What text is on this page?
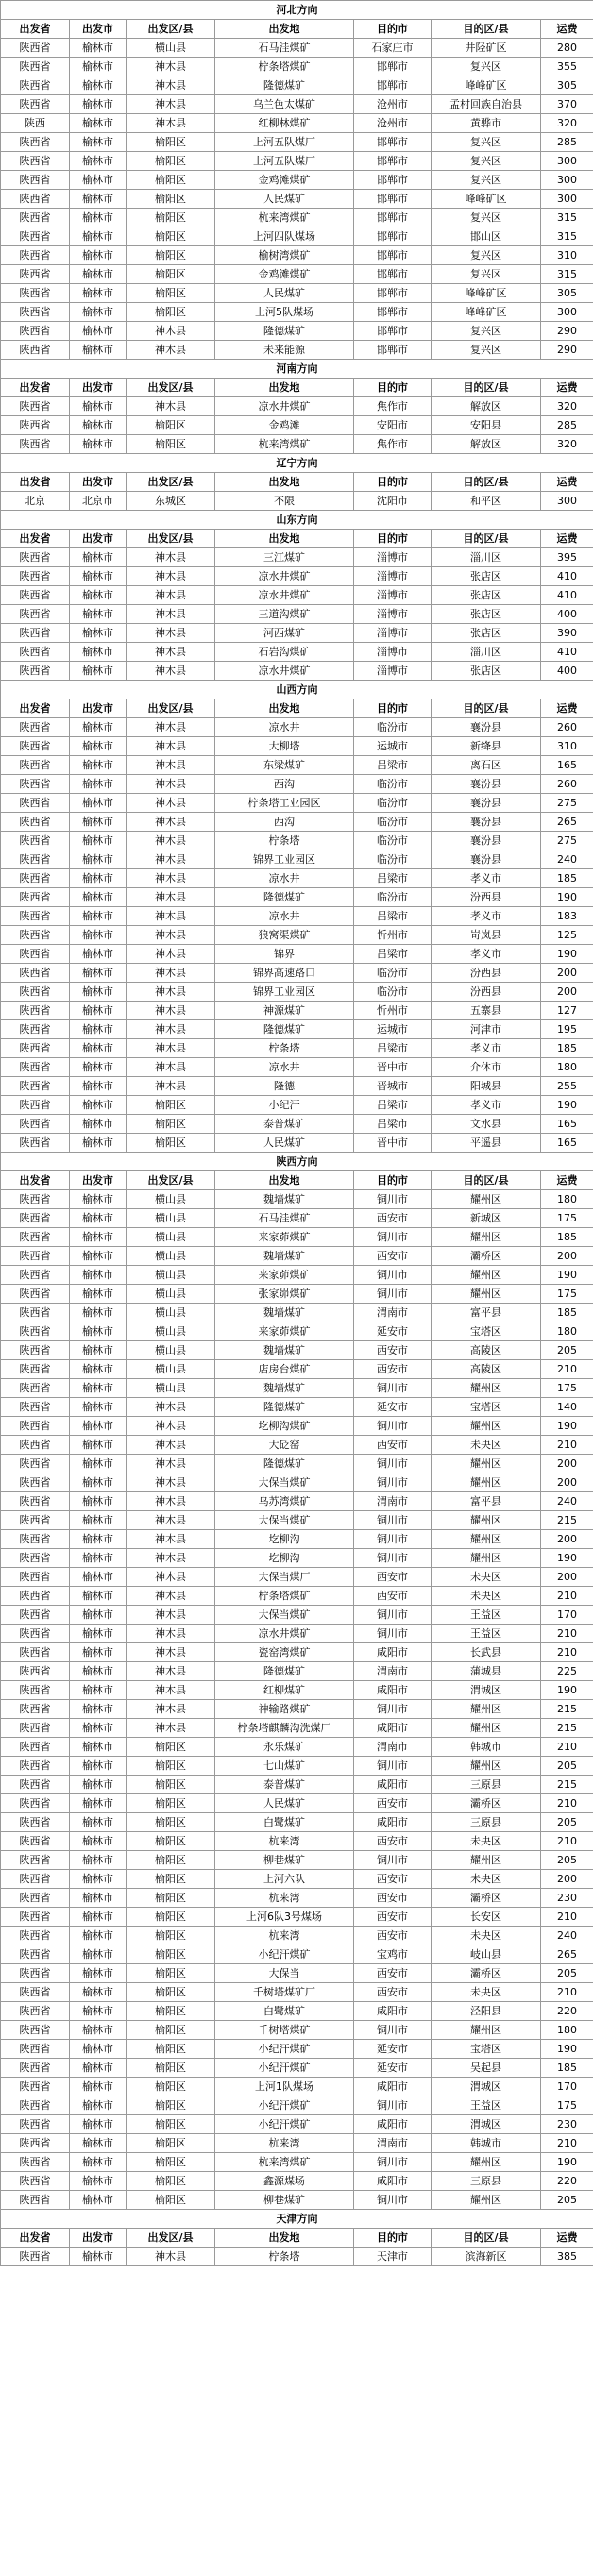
河北方向						
出发省	出发市	出发区/县	出发地	目的市	目的区/县	运费
陕西省	榆林市	横山县	石马洼煤矿	石家庄市	井陉矿区	280
陕西省	榆林市	神木县	柠条塔煤矿	邯郸市	复兴区	355
陕西省	榆林市	神木县	隆德煤矿	邯郸市	峰峰矿区	305
陕西省	榆林市	神木县	乌兰色太煤矿	沧州市	孟村回族自治县	370
陕西	榆林市	神木县	红柳林煤矿	沧州市	黄骅市	320
陕西省	榆林市	榆阳区	上河五队煤厂	邯郸市	复兴区	285
陕西省	榆林市	榆阳区	上河五队煤厂	邯郸市	复兴区	300
陕西省	榆林市	榆阳区	金鸡滩煤矿	邯郸市	复兴区	300
陕西省	榆林市	榆阳区	人民煤矿	邯郸市	峰峰矿区	300
陕西省	榆林市	榆阳区	杭来湾煤矿	邯郸市	复兴区	315
陕西省	榆林市	榆阳区	上河四队煤场	邯郸市	邯山区	315
陕西省	榆林市	榆阳区	榆树湾煤矿	邯郸市	复兴区	310
陕西省	榆林市	榆阳区	金鸡滩煤矿	邯郸市	复兴区	315
陕西省	榆林市	榆阳区	人民煤矿	邯郸市	峰峰矿区	305
陕西省	榆林市	榆阳区	上河5队煤场	邯郸市	峰峰矿区	300
陕西省	榆林市	神木县	隆德煤矿	邯郸市	复兴区	290
陕西省	榆林市	神木县	未来能源	邯郸市	复兴区	290
河南方向						
出发省	出发市	出发区/县	出发地	目的市	目的区/县	运费
陕西省	榆林市	神木县	凉水井煤矿	焦作市	解放区	320
陕西省	榆林市	榆阳区	金鸡滩	安阳市	安阳县	285
陕西省	榆林市	榆阳区	杭来湾煤矿	焦作市	解放区	320
辽宁方向						
出发省	出发市	出发区/县	出发地	目的市	目的区/县	运费
北京	北京市	东城区	不限	沈阳市	和平区	300
山东方向						
出发省	出发市	出发区/县	出发地	目的市	目的区/县	运费
陕西省	榆林市	神木县	三江煤矿	淄博市	淄川区	395
陕西省	榆林市	神木县	凉水井煤矿	淄博市	张店区	410
陕西省	榆林市	神木县	凉水井煤矿	淄博市	张店区	410
陕西省	榆林市	神木县	三道沟煤矿	淄博市	张店区	400
陕西省	榆林市	神木县	河西煤矿	淄博市	张店区	390
陕西省	榆林市	神木县	石岩沟煤矿	淄博市	淄川区	410
陕西省	榆林市	神木县	凉水井煤矿	淄博市	张店区	400
山西方向						
出发省	出发市	出发区/县	出发地	目的市	目的区/县	运费
陕西省	榆林市	神木县	凉水井	临汾市	襄汾县	260
陕西省	榆林市	神木县	大柳塔	运城市	新绛县	310
陕西省	榆林市	神木县	东梁煤矿	吕梁市	离石区	165
陕西省	榆林市	神木县	西沟	临汾市	襄汾县	260
陕西省	榆林市	神木县	柠条塔工业园区	临汾市	襄汾县	275
陕西省	榆林市	神木县	西沟	临汾市	襄汾县	265
陕西省	榆林市	神木县	柠条塔	临汾市	襄汾县	275
陕西省	榆林市	神木县	锦界工业园区	临汾市	襄汾县	240
陕西省	榆林市	神木县	凉水井	吕梁市	孝义市	185
陕西省	榆林市	神木县	隆德煤矿	临汾市	汾西县	190
陕西省	榆林市	神木县	凉水井	吕梁市	孝义市	183
陕西省	榆林市	神木县	狼窝渠煤矿	忻州市	岢岚县	125
陕西省	榆林市	神木县	锦界	吕梁市	孝义市	190
陕西省	榆林市	神木县	锦界高速路口	临汾市	汾西县	200
陕西省	榆林市	神木县	锦界工业园区	临汾市	汾西县	200
陕西省	榆林市	神木县	神源煤矿	忻州市	五寨县	127
陕西省	榆林市	神木县	隆德煤矿	运城市	河津市	195
陕西省	榆林市	神木县	柠条塔	吕梁市	孝义市	185
陕西省	榆林市	神木县	凉水井	晋中市	介休市	180
陕西省	榆林市	神木县	隆德	晋城市	阳城县	255
陕西省	榆林市	榆阳区	小纪汗	吕梁市	孝义市	190
陕西省	榆林市	榆阳区	泰普煤矿	吕梁市	文水县	165
陕西省	榆林市	榆阳区	人民煤矿	晋中市	平遥县	165
陕西方向						
出发省	出发市	出发区/县	出发地	目的市	目的区/县	运费
陕西省	榆林市	横山县	魏墙煤矿	铜川市	耀州区	180
陕西省	榆林市	横山县	石马洼煤矿	西安市	新城区	175
陕西省	榆林市	横山县	来家茆煤矿	铜川市	耀州区	185
陕西省	榆林市	横山县	魏墙煤矿	西安市	灞桥区	200
陕西省	榆林市	横山县	来家茆煤矿	铜川市	耀州区	190
陕西省	榆林市	横山县	张家峁煤矿	铜川市	耀州区	175
陕西省	榆林市	横山县	魏墙煤矿	渭南市	富平县	185
陕西省	榆林市	横山县	来家茆煤矿	延安市	宝塔区	180
陕西省	榆林市	横山县	魏墙煤矿	西安市	高陵区	205
陕西省	榆林市	横山县	店房台煤矿	西安市	高陵区	210
陕西省	榆林市	横山县	魏墙煤矿	铜川市	耀州区	175
陕西省	榆林市	神木县	隆德煤矿	延安市	宝塔区	140
陕西省	榆林市	神木县	圪柳沟煤矿	铜川市	耀州区	190
陕西省	榆林市	神木县	大砭窑	西安市	未央区	210
陕西省	榆林市	神木县	隆德煤矿	铜川市	耀州区	200
陕西省	榆林市	神木县	大保当煤矿	铜川市	耀州区	200
陕西省	榆林市	神木县	乌苏湾煤矿	渭南市	富平县	240
陕西省	榆林市	神木县	大保当煤矿	铜川市	耀州区	215
陕西省	榆林市	神木县	圪柳沟	铜川市	耀州区	200
陕西省	榆林市	神木县	圪柳沟	铜川市	耀州区	190
陕西省	榆林市	神木县	大保当煤厂	西安市	未央区	200
陕西省	榆林市	神木县	柠条塔煤矿	西安市	未央区	210
陕西省	榆林市	神木县	大保当煤矿	铜川市	王益区	170
陕西省	榆林市	神木县	凉水井煤矿	铜川市	王益区	210
陕西省	榆林市	神木县	瓷窑湾煤矿	咸阳市	长武县	210
陕西省	榆林市	神木县	隆德煤矿	渭南市	蒲城县	225
陕西省	榆林市	神木县	红柳煤矿	咸阳市	渭城区	190
陕西省	榆林市	神木县	神输路煤矿	铜川市	耀州区	215
陕西省	榆林市	神木县	柠条塔麒麟沟洗煤厂	咸阳市	耀州区	215
陕西省	榆林市	榆阳区	永乐煤矿	渭南市	韩城市	210
陕西省	榆林市	榆阳区	七山煤矿	铜川市	耀州区	205
陕西省	榆林市	榆阳区	泰普煤矿	咸阳市	三原县	215
陕西省	榆林市	榆阳区	人民煤矿	西安市	灞桥区	210
陕西省	榆林市	榆阳区	白鹭煤矿	咸阳市	三原县	205
陕西省	榆林市	榆阳区	杭来湾	西安市	未央区	210
陕西省	榆林市	榆阳区	柳巷煤矿	铜川市	耀州区	205
陕西省	榆林市	榆阳区	上河六队	西安市	未央区	200
陕西省	榆林市	榆阳区	杭来湾	西安市	灞桥区	230
陕西省	榆林市	榆阳区	上河6队3号煤场	西安市	长安区	210
陕西省	榆林市	榆阳区	杭来湾	西安市	未央区	240
陕西省	榆林市	榆阳区	小纪汗煤矿	宝鸡市	岐山县	265
陕西省	榆林市	榆阳区	大保当	西安市	灞桥区	205
陕西省	榆林市	榆阳区	千树塔煤矿厂	西安市	未央区	210
陕西省	榆林市	榆阳区	白鹭煤矿	咸阳市	泾阳县	220
陕西省	榆林市	榆阳区	千树塔煤矿	铜川市	耀州区	180
陕西省	榆林市	榆阳区	小纪汗煤矿	延安市	宝塔区	190
陕西省	榆林市	榆阳区	小纪汗煤矿	延安市	吴起县	185
陕西省	榆林市	榆阳区	上河1队煤场	咸阳市	渭城区	170
陕西省	榆林市	榆阳区	小纪汗煤矿	铜川市	王益区	175
陕西省	榆林市	榆阳区	小纪汗煤矿	咸阳市	渭城区	230
陕西省	榆林市	榆阳区	杭来湾	渭南市	韩城市	210
陕西省	榆林市	榆阳区	杭来湾煤矿	铜川市	耀州区	190
陕西省	榆林市	榆阳区	鑫源煤场	咸阳市	三原县	220
陕西省	榆林市	榆阳区	柳巷煤矿	铜川市	耀州区	205
天津方向						
出发省	出发市	出发区/县	出发地	目的市	目的区/县	运费
陕西省	榆林市	神木县	柠条塔	天津市	滨海新区	385
